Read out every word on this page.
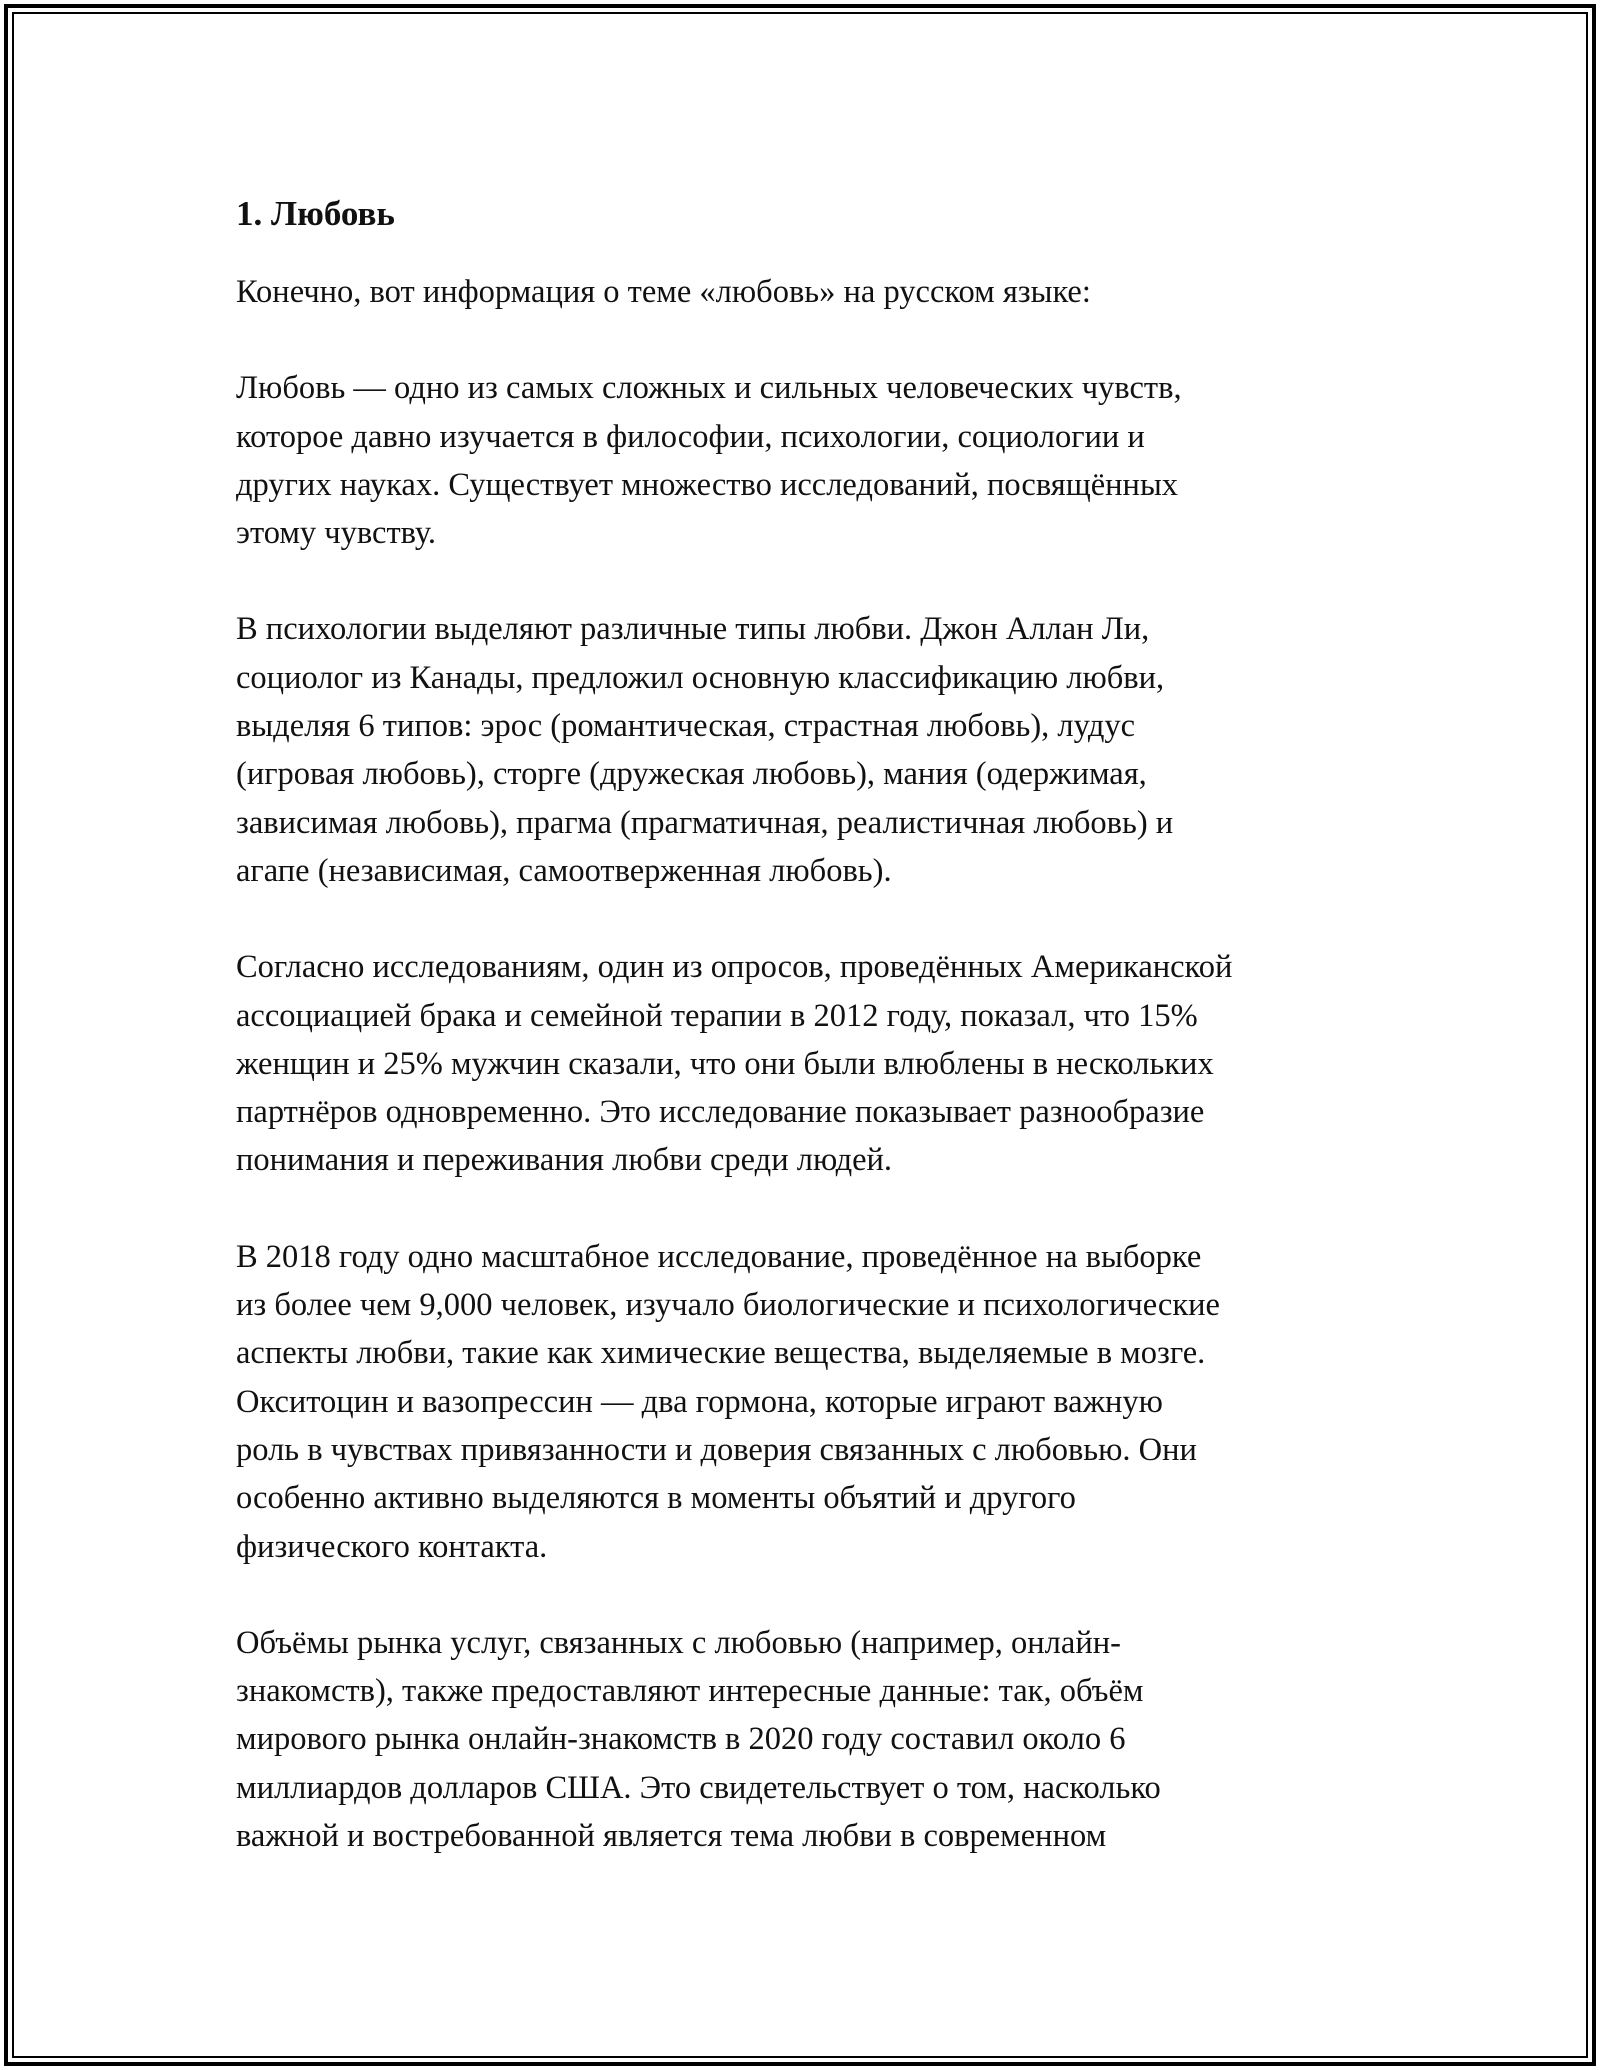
1. Любовь

Конечно, вот информация о теме «любовь» на русском языке:

Любовь — одно из самых сложных и сильных человеческих чувств,
которое давно изучается в философии, психологии, социологии и
других науках. Существует множество исследований, посвящённых
этому чувству.

В психологии выделяют различные типы любви. Джон Аллан Ли,
социолог из Канады, предложил основную классификацию любви,
выделяя 6 типов: эрос (романтическая, страстная любовь), лудус
(игровая любовь), сторге (дружеская любовь), мания (одержимая,
зависимая любовь), прагма (прагматичная, реалистичная любовь) и
агапе (независимая, самоотверженная любовь).

Согласно исследованиям, один из опросов, проведённых Американской
ассоциацией брака и семейной терапии в 2012 году, показал, что 15%
женщин и 25% мужчин сказали, что они были влюблены в нескольких
партнёров одновременно. Это исследование показывает разнообразие
понимания и переживания любви среди людей.

В 2018 году одно масштабное исследование, проведённое на выборке
из более чем 9,000 человек, изучало биологические и психологические
аспекты любви, такие как химические вещества, выделяемые в мозге.
Окситоцин и вазопрессин — два гормона, которые играют важную
роль в чувствах привязанности и доверия связанных с любовью. Они
особенно активно выделяются в моменты объятий и другого
физического контакта.

Объёмы рынка услуг, связанных с любовью (например, онлайн-
знакомств), также предоставляют интересные данные: так, объём
мирового рынка онлайн-знакомств в 2020 году составил около 6
миллиардов долларов США. Это свидетельствует о том, насколько
важной и востребованной является тема любви в современном
